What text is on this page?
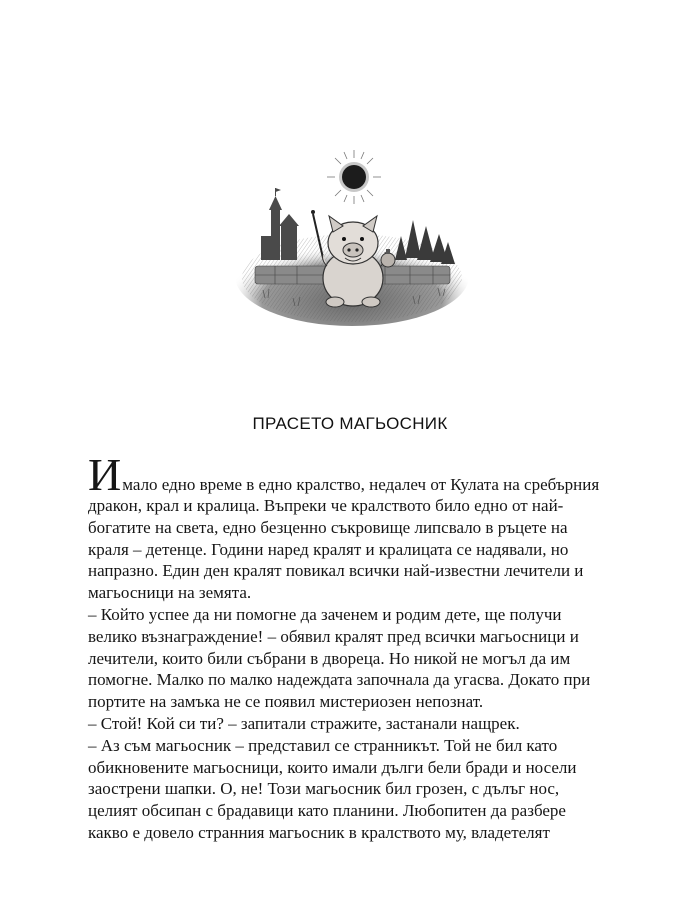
ПРАСЕТО МАГЬОСНИК
Имало едно време в едно кралство, недалеч от Кулата на сребърния
дракон, крал и кралица. Въпреки че кралството било едно от най-
богатите на света, едно безценно съкровище липсвало в ръцете на
краля – детенце. Години наред кралят и кралицата се надявали, но
напразно. Един ден кралят повикал всички най-известни лечители и
магьосници на земята.
– Който успее да ни помогне да заченем и родим дете, ще получи
велико възнаграждение! – обявил кралят пред всички магьосници и
лечители, които били събрани в двореца. Но никой не могъл да им
помогне. Малко по малко надеждата започнала да угасва. Докато при
портите на замъка не се появил мистериозен непознат.
– Стой! Кой си ти? – запитали стражите, застанали нащрек.
– Аз съм магьосник – представил се странникът. Той не бил като
обикновените магьосници, които имали дълги бели бради и носели
заострени шапки. О, не! Този магьосник бил грозен, с дълъг нос,
целият обсипан с брадавици като планини. Любопитен да разбере
какво е довело странния магьосник в кралството му, владетелят
